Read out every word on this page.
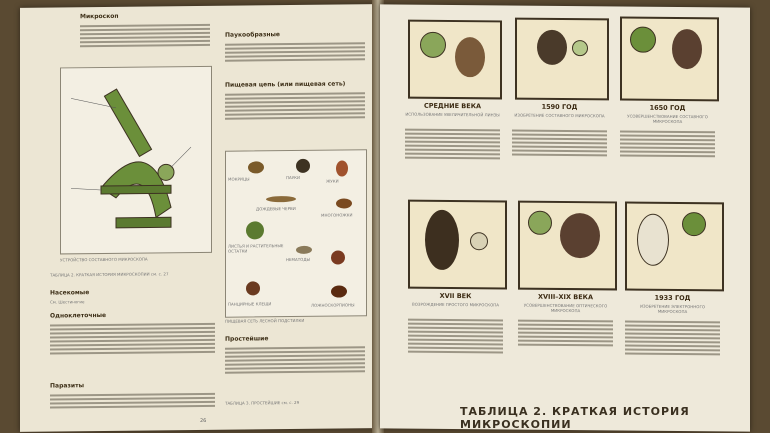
Микроскоп
УСТРОЙСТВО СОСТАВНОГО МИКРОСКОПА
ТАБЛИЦА 2. КРАТКАЯ ИСТОРИЯ МИКРОСКОПИИ см. с. 27
Насекомые
См. Шестиногие
Одноклеточные
Паразиты
Паукообразные
Пищевая цепь (или пищевая сеть)
МОКРИЦЫ
ДОЖДЕВЫЕ ЧЕРВИ
ЛИСТЬЯ И РАСТИТЕЛЬНЫЕ ОСТАТКИ
НЕМАТОДЫ
ПАНЦИРНЫЕ КЛЕЩИ
ПАУКИ
МНОГОНОЖКИ
ЛОЖНОСКОРПИОНЫ
ЖУКИ
ПИЩЕВАЯ СЕТЬ ЛЕСНОЙ ПОДСТИЛКИ
Простейшие
ТАБЛИЦА 3. ПРОСТЕЙШИЕ см. с. 29
26
СРЕДНИЕ ВЕКА
ИСПОЛЬЗОВАНИЕ УВЕЛИЧИТЕЛЬНОЙ ЛИНЗЫ
1590 ГОД
ИЗОБРЕТЕНИЕ СОСТАВНОГО МИКРОСКОПА
1650 ГОД
УСОВЕРШЕНСТВОВАНИЕ СОСТАВНОГО МИКРОСКОПА
XVII ВЕК
ВОЗРОЖДЕНИЕ ПРОСТОГО МИКРОСКОПА
XVIII–XIX ВЕКА
УСОВЕРШЕНСТВОВАНИЕ ОПТИЧЕСКОГО МИКРОСКОПА
1933 ГОД
ИЗОБРЕТЕНИЕ ЭЛЕКТРОННОГО МИКРОСКОПА
ТАБЛИЦА 2. КРАТКАЯ ИСТОРИЯ МИКРОСКОПИИ
